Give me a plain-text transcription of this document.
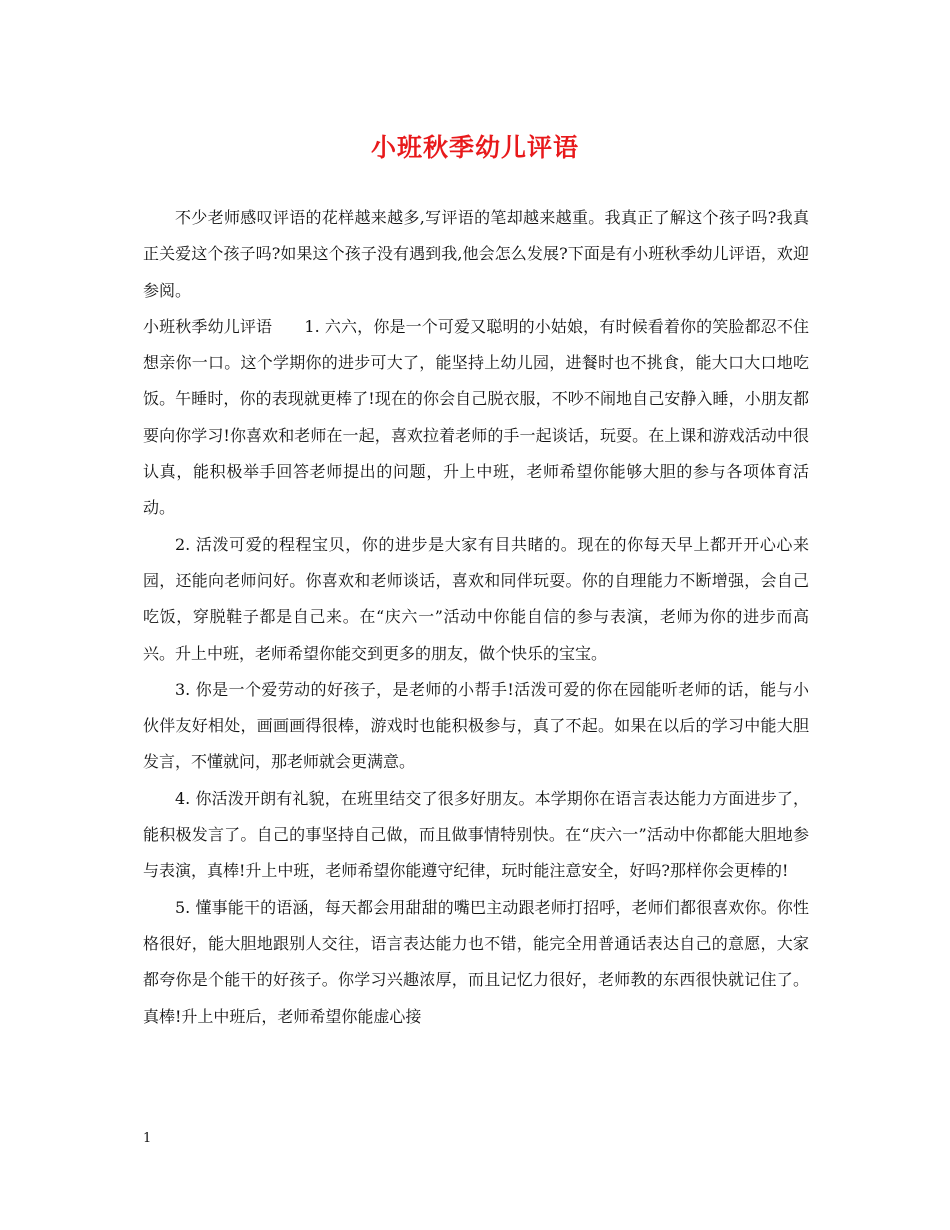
小班秋季幼儿评语

不少老师感叹评语的花样越来越多,写评语的笔却越来越重。我真正了解这个孩子吗?我真正关爱这个孩子吗?如果这个孩子没有遇到我,他会怎么发展?下面是有小班秋季幼儿评语，欢迎参阅。

小班秋季幼儿评语　　1. 六六，你是一个可爱又聪明的小姑娘，有时候看着你的笑脸都忍不住想亲你一口。这个学期你的进步可大了，能坚持上幼儿园，进餐时也不挑食，能大口大口地吃饭。午睡时，你的表现就更棒了!现在的你会自己脱衣服，不吵不闹地自己安静入睡，小朋友都要向你学习!你喜欢和老师在一起，喜欢拉着老师的手一起谈话，玩耍。在上课和游戏活动中很认真，能积极举手回答老师提出的问题，升上中班，老师希望你能够大胆的参与各项体育活动。

2. 活泼可爱的程程宝贝，你的进步是大家有目共睹的。现在的你每天早上都开开心心来园，还能向老师问好。你喜欢和老师谈话，喜欢和同伴玩耍。你的自理能力不断增强，会自己吃饭，穿脱鞋子都是自己来。在“庆六一”活动中你能自信的参与表演，老师为你的进步而高兴。升上中班，老师希望你能交到更多的朋友，做个快乐的宝宝。

3. 你是一个爱劳动的好孩子，是老师的小帮手!活泼可爱的你在园能听老师的话，能与小伙伴友好相处，画画画得很棒，游戏时也能积极参与，真了不起。如果在以后的学习中能大胆发言，不懂就问，那老师就会更满意。

4. 你活泼开朗有礼貌，在班里结交了很多好朋友。本学期你在语言表达能力方面进步了，能积极发言了。自己的事坚持自己做，而且做事情特别快。在“庆六一”活动中你都能大胆地参与表演，真棒!升上中班，老师希望你能遵守纪律，玩时能注意安全，好吗?那样你会更棒的!

5. 懂事能干的语涵，每天都会用甜甜的嘴巴主动跟老师打招呼，老师们都很喜欢你。你性格很好，能大胆地跟别人交往，语言表达能力也不错，能完全用普通话表达自己的意愿，大家都夸你是个能干的好孩子。你学习兴趣浓厚，而且记忆力很好，老师教的东西很快就记住了。真棒!升上中班后，老师希望你能虚心接

1
